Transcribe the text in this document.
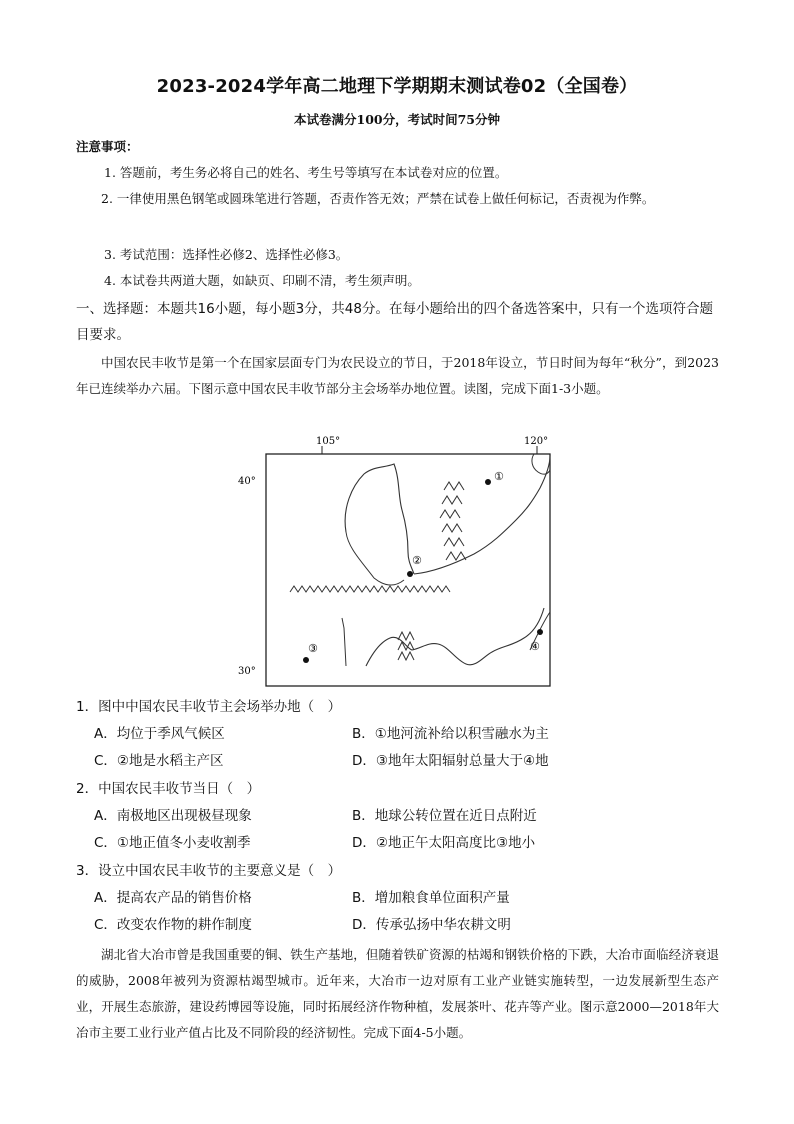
2023-2024学年高二地理下学期期末测试卷02（全国卷）
本试卷满分100分，考试时间75分钟
注意事项：
1. 答题前，考生务必将自己的姓名、考生号等填写在本试卷对应的位置。
2. 一律使用黑色钢笔或圆珠笔进行答题，否责作答无效；严禁在试卷上做任何标记，否责视为作弊。
3. 考试范围：选择性必修2、选择性必修3。
4. 本试卷共两道大题，如缺页、印刷不清，考生须声明。
一、选择题：本题共16小题，每小题3分，共48分。在每小题给出的四个备选答案中，只有一个选项符合题目要求。
中国农民丰收节是第一个在国家层面专门为农民设立的节日，于2018年设立，节日时间为每年“秋分”，到2023年已连续举办六届。下图示意中国农民丰收节部分主会场举办地位置。读图，完成下面1-3小题。
105°	120°
40°
30°
①
②
③	④
1．图中中国农民丰收节主会场举办地（　）
A．均位于季风气候区	B．①地河流补给以积雪融水为主
C．②地是水稻主产区	D．③地年太阳辐射总量大于④地
2．中国农民丰收节当日（　）
A．南极地区出现极昼现象	B．地球公转位置在近日点附近
C．①地正值冬小麦收割季	D．②地正午太阳高度比③地小
3．设立中国农民丰收节的主要意义是（　）
A．提高农产品的销售价格	B．增加粮食单位面积产量
C．改变农作物的耕作制度	D．传承弘扬中华农耕文明
湖北省大冶市曾是我国重要的铜、铁生产基地，但随着铁矿资源的枯竭和钢铁价格的下跌，大冶市面临经济衰退的威胁，2008年被列为资源枯竭型城市。近年来，大冶市一边对原有工业产业链实施转型，一边发展新型生态产业，开展生态旅游，建设药博园等设施，同时拓展经济作物种植，发展茶叶、花卉等产业。图示意2000—2018年大冶市主要工业行业产值占比及不同阶段的经济韧性。完成下面4-5小题。
